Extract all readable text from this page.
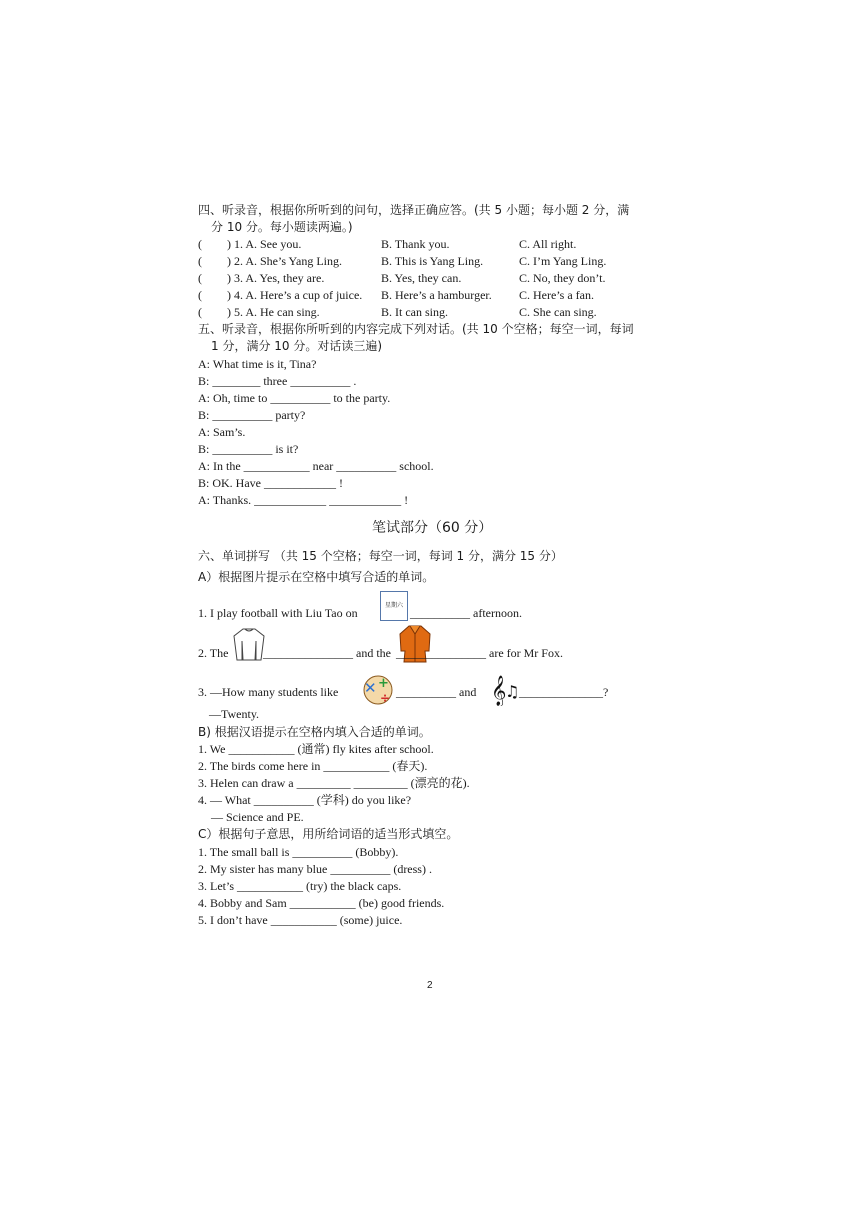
四、听录音，根据你所听到的问句，选择正确应答。(共 5 小题；每小题 2 分，满
分 10 分。每小题读两遍。)
( ) 1. A. See you.	B. Thank you.	C. All right.
( ) 2. A. She’s Yang Ling.	B. This is Yang Ling.	C. I’m Yang Ling.
( ) 3. A. Yes, they are.	B. Yes, they can.	C. No, they don’t.
( ) 4. A. Here’s a cup of juice. B. Here’s a hamburger. C. Here’s a fan.
( ) 5. A. He can sing.	B. It can sing.	C. She can sing.
五、听录音，根据你所听到的内容完成下列对话。(共 10 个空格；每空一词，每词
1 分，满分 10 分。对话读三遍)
A: What time is it, Tina?
B: ________ three __________ .
A: Oh, time to __________ to the party.
B: __________ party?
A: Sam’s.
B: __________ is it?
A: In the ___________ near __________ school.
B: OK. Have ____________ !
A: Thanks. ____________ ____________ !
笔试部分（60 分）
六、单词拼写 （共 15 个空格；每空一词，每词 1 分，满分 15 分）
A）根据图片提示在空格中填写合适的单词。
1. I play football with Liu Tao on
星期六
__________ afternoon.
2. The	_______________ and the _______________ are for Mr Fox.
3. —How many students like ✕ +
÷ __________ and 𝄞
♫ ______________?
—Twenty.
B) 根据汉语提示在空格内填入合适的单词。
1. We ___________ (通常) fly kites after school.
2. The birds come here in ___________ (春天).
3. Helen can draw a _________ _________ (漂亮的花).
4. — What __________ (学科) do you like?
— Science and PE.
C）根据句子意思，用所给词语的适当形式填空。
1. The small ball is __________ (Bobby).
2. My sister has many blue __________ (dress) .
3. Let’s ___________ (try) the black caps.
4. Bobby and Sam ___________ (be) good friends.
5. I don’t have ___________ (some) juice.
2
